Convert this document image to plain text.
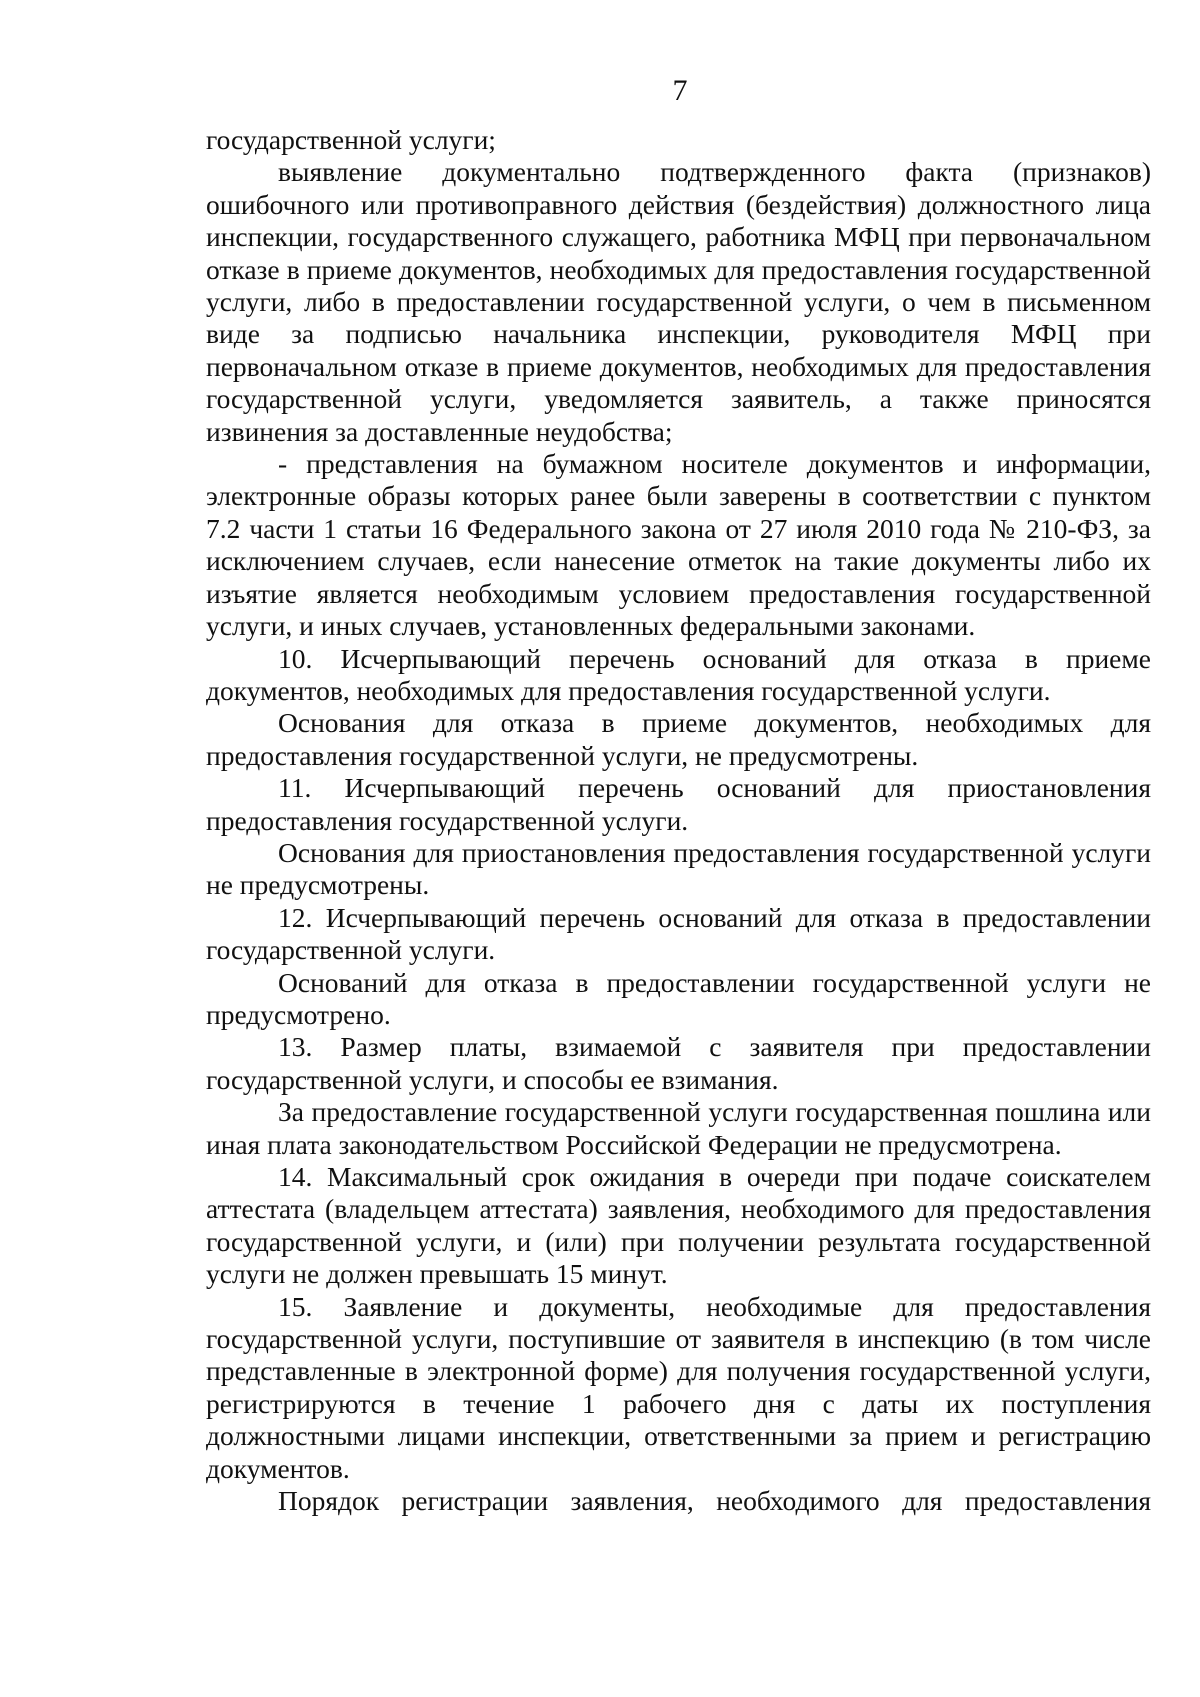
7

государственной услуги;

выявление документально подтвержденного факта (признаков) ошибочного или противоправного действия (бездействия) должностного лица инспекции, государственного служащего, работника МФЦ при первоначальном отказе в приеме документов, необходимых для предоставления государственной услуги, либо в предоставлении государственной услуги, о чем в письменном виде за подписью начальника инспекции, руководителя МФЦ при первоначальном отказе в приеме документов, необходимых для предоставления государственной услуги, уведомляется заявитель, а также приносятся извинения за доставленные неудобства;

- представления на бумажном носителе документов и информации, электронные образы которых ранее были заверены в соответствии с пунктом 7.2 части 1 статьи 16 Федерального закона от 27 июля 2010 года № 210-ФЗ, за исключением случаев, если нанесение отметок на такие документы либо их изъятие является необходимым условием предоставления государственной услуги, и иных случаев, установленных федеральными законами.

10. Исчерпывающий перечень оснований для отказа в приеме документов, необходимых для предоставления государственной услуги.

Основания для отказа в приеме документов, необходимых для предоставления государственной услуги, не предусмотрены.

11. Исчерпывающий перечень оснований для приостановления предоставления государственной услуги.

Основания для приостановления предоставления государственной услуги не предусмотрены.

12. Исчерпывающий перечень оснований для отказа в предоставлении государственной услуги.

Оснований для отказа в предоставлении государственной услуги не предусмотрено.

13. Размер платы, взимаемой с заявителя при предоставлении государственной услуги, и способы ее взимания.

За предоставление государственной услуги государственная пошлина или иная плата законодательством Российской Федерации не предусмотрена.

14. Максимальный срок ожидания в очереди при подаче соискателем аттестата (владельцем аттестата) заявления, необходимого для предоставления государственной услуги, и (или) при получении результата государственной услуги не должен превышать 15 минут.

15. Заявление и документы, необходимые для предоставления государственной услуги, поступившие от заявителя в инспекцию (в том числе представленные в электронной форме) для получения государственной услуги, регистрируются в течение 1 рабочего дня с даты их поступления должностными лицами инспекции, ответственными за прием и регистрацию документов.

Порядок регистрации заявления, необходимого для предоставления
